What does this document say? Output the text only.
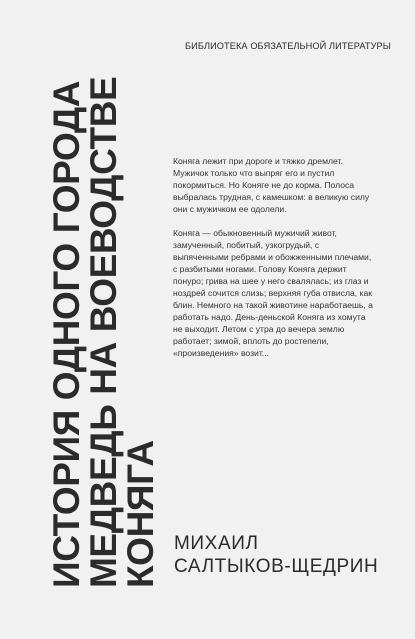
БИБЛИОТЕКА ОБЯЗАТЕЛЬНОЙ ЛИТЕРАТУРЫ
ИСТОРИЯ ОДНОГО ГОРОДА
МЕДВЕДЬ НА ВОЕВОДСТВЕ
КОНЯГА

Коняга лежит при дороге и тяжко дремлет. Мужичок только что выпряг его и пустил покормиться. Но Коняге не до корма. Полоса выбралась трудная, с камешком: в великую силу они с мужичком ее одолели.

Коняга — обыкновенный мужичий живот, замученный, побитый, узкогрудый, с выпяченными ребрами и обожженными плечами, с разбитыми ногами. Голову Коняга держит понуро; грива на шее у него свалялась; из глаз и ноздрей сочится слизь; верхняя губа отвисла, как блин. Немного на такой животине наработаешь, а работать надо. День-деньской Коняга из хомута не выходит. Летом с утра до вечера землю работает; зимой, вплоть до ростепели, «произведения» возит...

МИХАИЛ
САЛТЫКОВ-ЩЕДРИН
